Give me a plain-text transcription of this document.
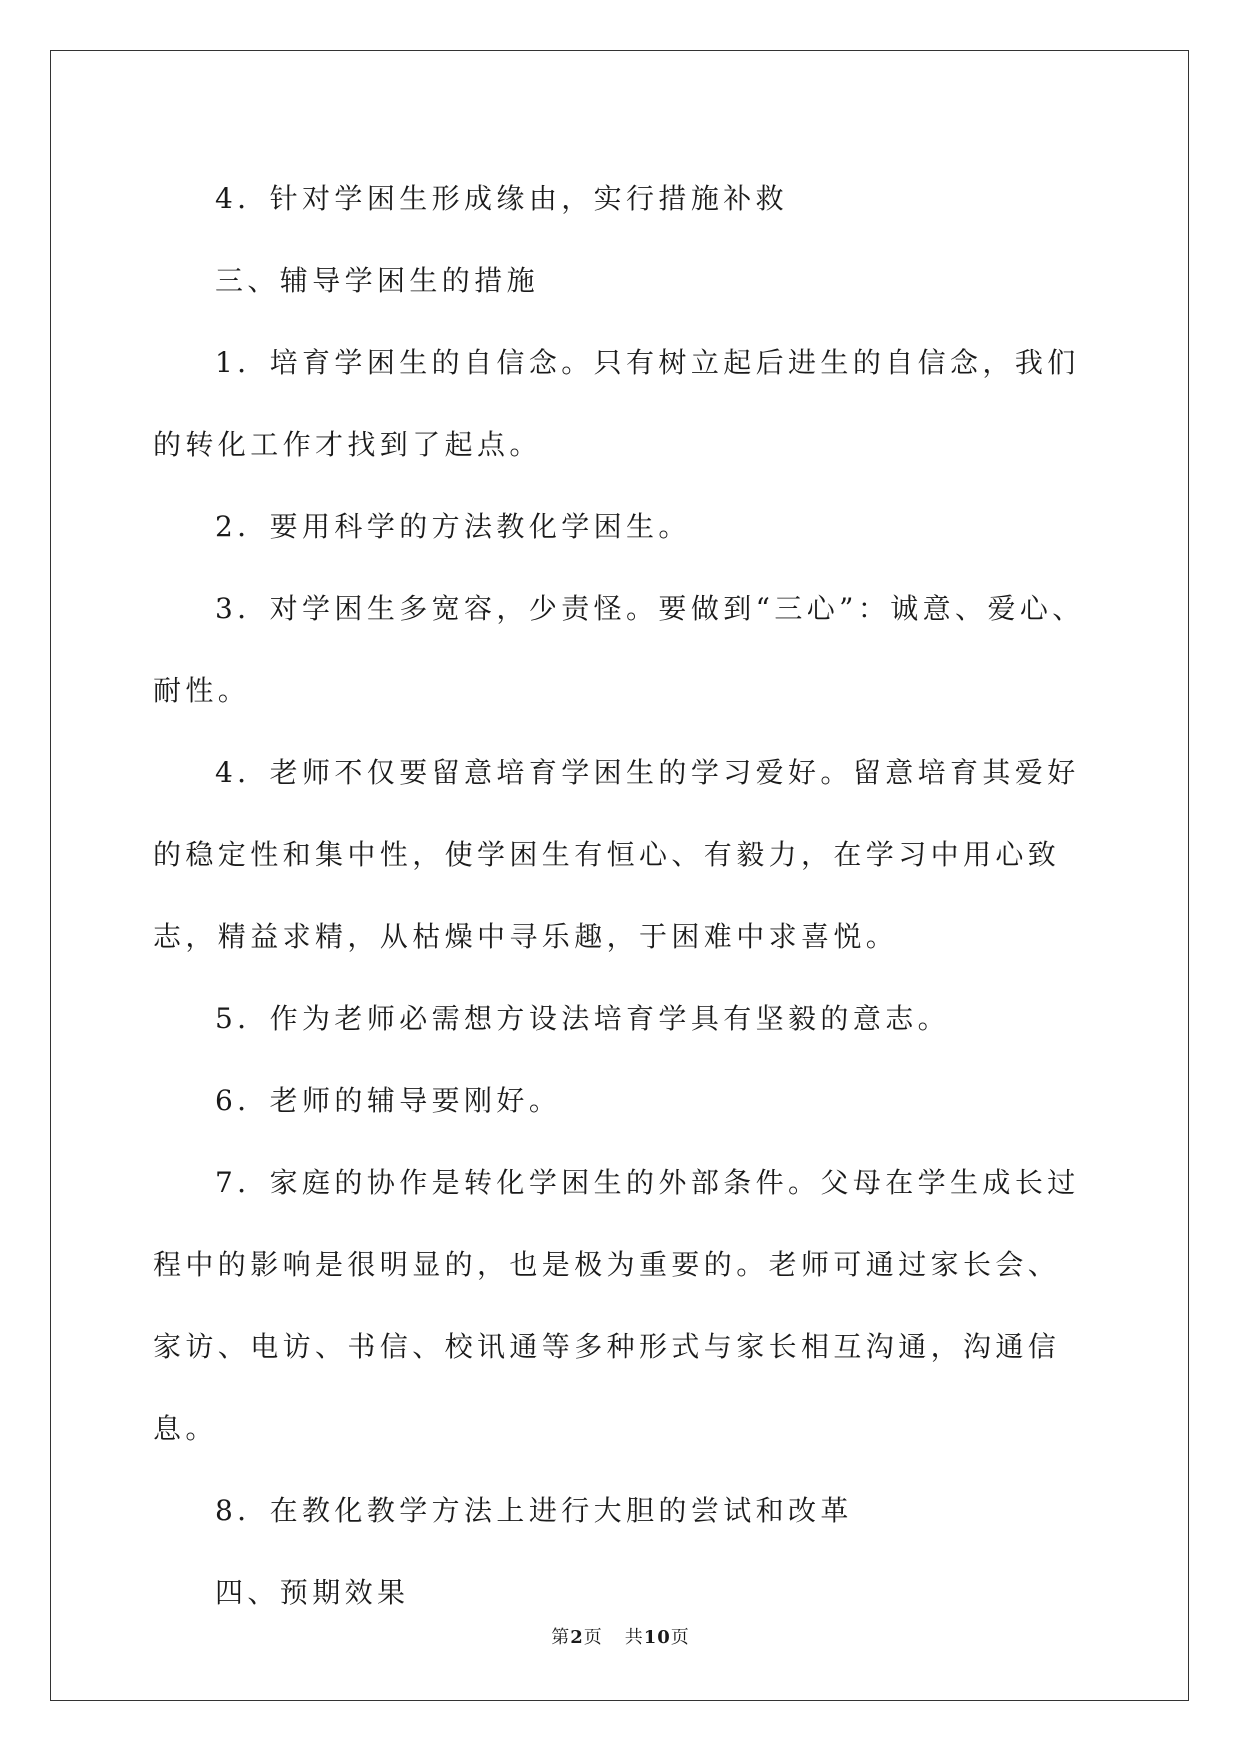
4．针对学困生形成缘由，实行措施补救

三、辅导学困生的措施

1．培育学困生的自信念。只有树立起后进生的自信念，我们的转化工作才找到了起点。

2．要用科学的方法教化学困生。

3．对学困生多宽容，少责怪。要做到“三心”：诚意、爱心、耐性。

4．老师不仅要留意培育学困生的学习爱好。留意培育其爱好的稳定性和集中性，使学困生有恒心、有毅力，在学习中用心致志，精益求精，从枯燥中寻乐趣，于困难中求喜悦。

5．作为老师必需想方设法培育学具有坚毅的意志。

6．老师的辅导要刚好。

7．家庭的协作是转化学困生的外部条件。父母在学生成长过程中的影响是很明显的，也是极为重要的。老师可通过家长会、家访、电访、书信、校讯通等多种形式与家长相互沟通，沟通信息。

8．在教化教学方法上进行大胆的尝试和改革

四、预期效果

第2页 共10页
